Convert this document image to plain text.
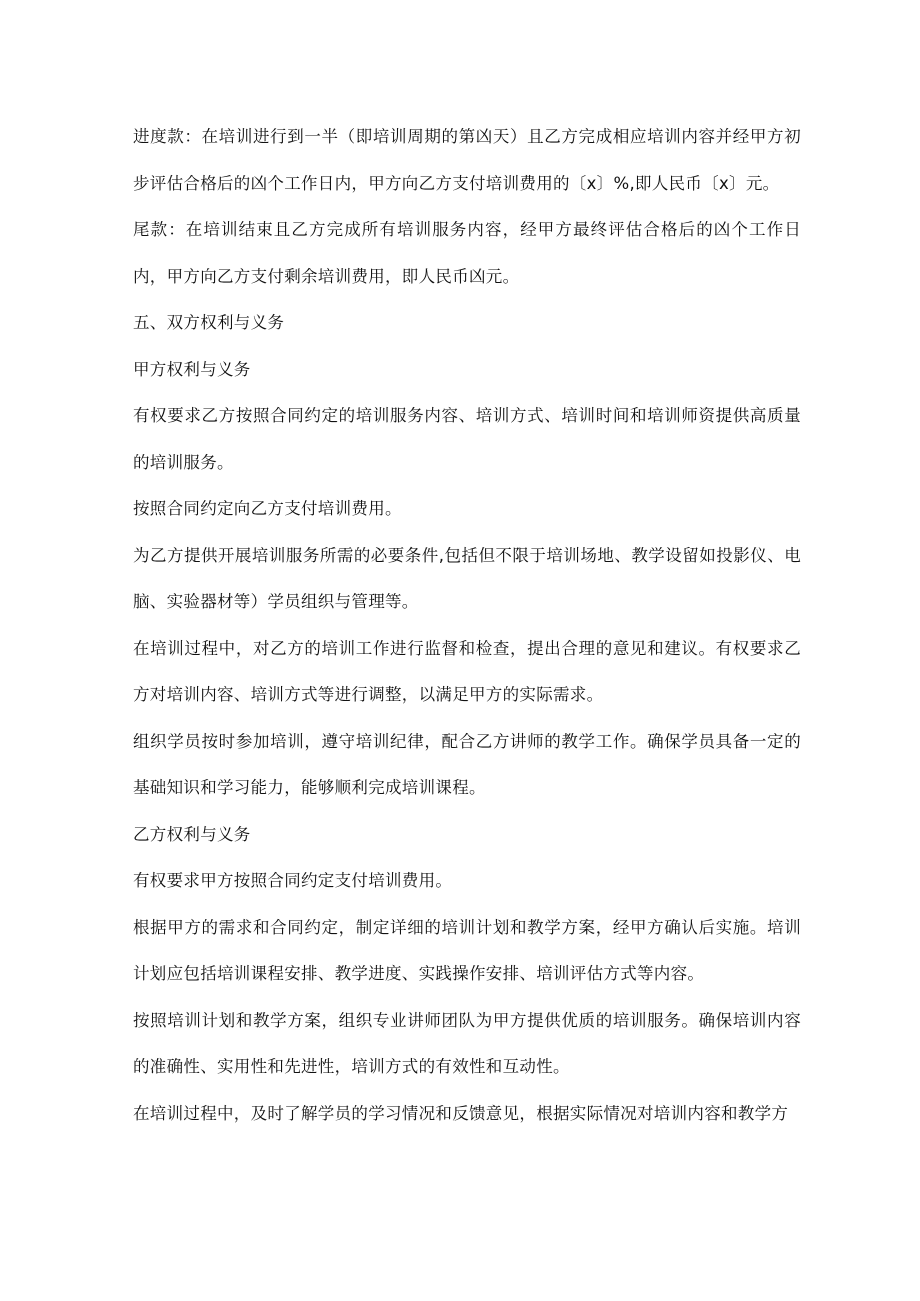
进度款：在培训进行到一半（即培训周期的第凶天）且乙方完成相应培训内容并经甲方初步评估合格后的凶个工作日内，甲方向乙方支付培训费用的〔x〕%,即人民币〔x〕元。

尾款：在培训结束且乙方完成所有培训服务内容，经甲方最终评估合格后的凶个工作日内，甲方向乙方支付剩余培训费用，即人民币凶元。

五、双方权利与义务

甲方权利与义务

有权要求乙方按照合同约定的培训服务内容、培训方式、培训时间和培训师资提供高质量的培训服务。

按照合同约定向乙方支付培训费用。

为乙方提供开展培训服务所需的必要条件,包括但不限于培训场地、教学设留如投影仪、电脑、实验器材等）学员组织与管理等。

在培训过程中，对乙方的培训工作进行监督和检查，提出合理的意见和建议。有权要求乙方对培训内容、培训方式等进行调整，以满足甲方的实际需求。

组织学员按时参加培训，遵守培训纪律，配合乙方讲师的教学工作。确保学员具备一定的基础知识和学习能力，能够顺利完成培训课程。

乙方权利与义务

有权要求甲方按照合同约定支付培训费用。

根据甲方的需求和合同约定，制定详细的培训计划和教学方案，经甲方确认后实施。培训计划应包括培训课程安排、教学进度、实践操作安排、培训评估方式等内容。

按照培训计划和教学方案，组织专业讲师团队为甲方提供优质的培训服务。确保培训内容的准确性、实用性和先进性，培训方式的有效性和互动性。

在培训过程中，及时了解学员的学习情况和反馈意见，根据实际情况对培训内容和教学方
